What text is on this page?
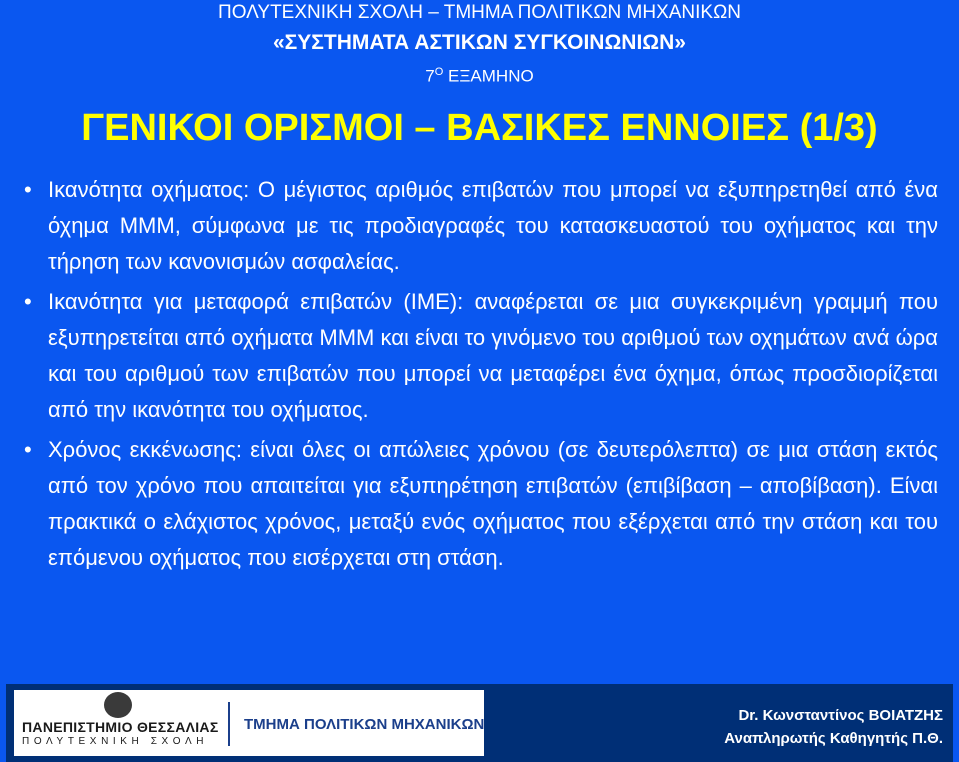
ΠΟΛΥΤΕΧΝΙΚΗ ΣΧΟΛΗ – ΤΜΗΜΑ ΠΟΛΙΤΙΚΩΝ ΜΗΧΑΝΙΚΩΝ
«ΣΥΣΤΗΜΑΤΑ ΑΣΤΙΚΩΝ ΣΥΓΚΟΙΝΩΝΙΩΝ»
$7^O$ ΕΞΑΜΗΝΟ
ΓΕΝΙΚΟΙ ΟΡΙΣΜΟΙ – ΒΑΣΙΚΕΣ ΕΝΝΟΙΕΣ (1/3)
• Ικανότητα οχήματος: Ο μέγιστος αριθμός επιβατών που μπορεί να εξυπηρετηθεί από ένα όχημα ΜΜΜ, σύμφωνα με τις προδιαγραφές του κατασκευαστού του οχήματος και την τήρηση των κανονισμών ασφαλείας.
• Ικανότητα για μεταφορά επιβατών (ΙΜΕ): αναφέρεται σε μια συγκεκριμένη γραμμή που εξυπηρετείται από οχήματα ΜΜΜ και είναι το γινόμενο του αριθμού των οχημάτων ανά ώρα και του αριθμού των επιβατών που μπορεί να μεταφέρει ένα όχημα, όπως προσδιορίζεται από την ικανότητα του οχήματος.
• Χρόνος εκκένωσης: είναι όλες οι απώλειες χρόνου (σε δευτερόλεπτα) σε μια στάση εκτός από τον χρόνο που απαιτείται για εξυπηρέτηση επιβατών (επιβίβαση – αποβίβαση). Είναι πρακτικά ο ελάχιστος χρόνος, μεταξύ ενός οχήματος που εξέρχεται από την στάση και του επόμενου οχήματος που εισέρχεται στη στάση.
ΠΑΝΕΠΙΣΤΗΜΙΟ ΘΕΣΣΑΛΙΑΣ
ΠΟΛΥΤΕΧΝΙΚΗ ΣΧΟΛΗ
ΤΜΗΜΑ ΠΟΛΙΤΙΚΩΝ ΜΗΧΑΝΙΚΩΝ
Dr. Κωνσταντίνος ΒΟΙΑΤΖΗΣ
Αναπληρωτής Καθηγητής Π.Θ.
